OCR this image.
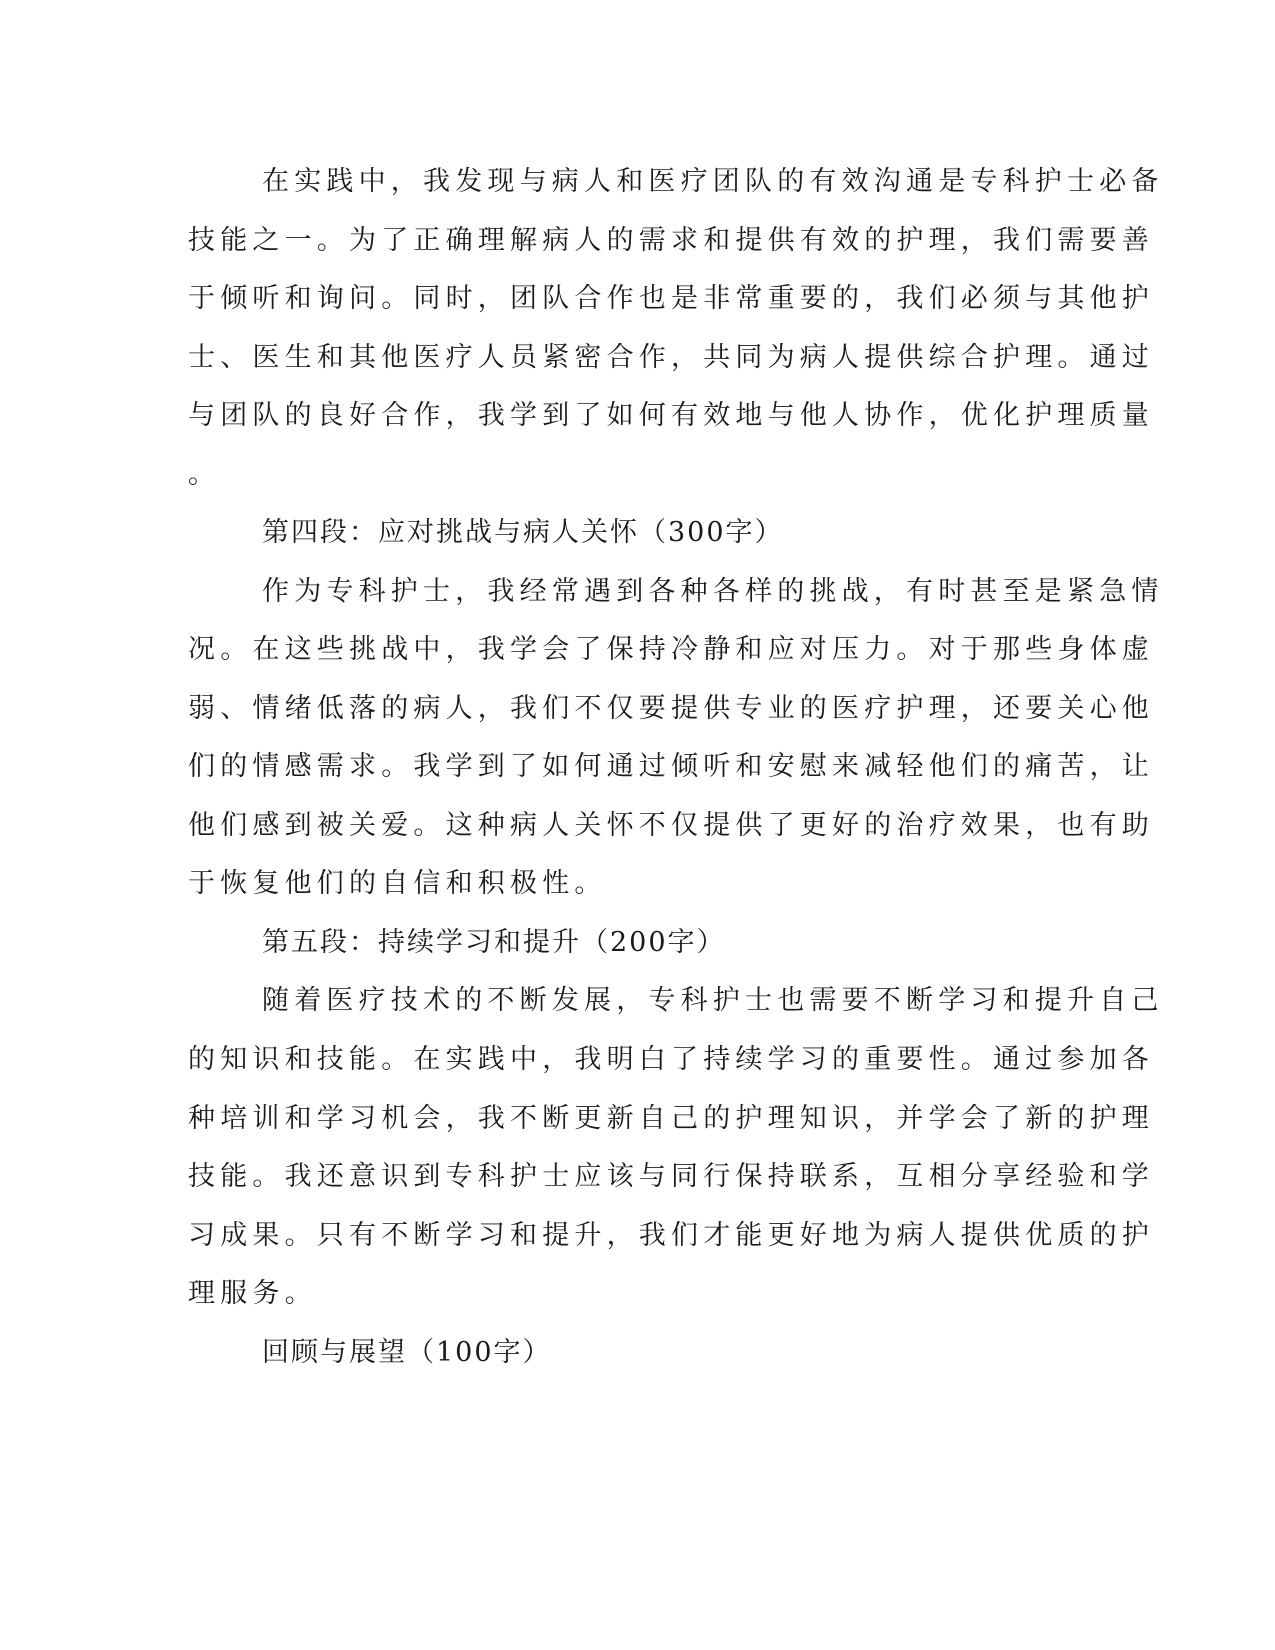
在实践中，我发现与病人和医疗团队的有效沟通是专科护士必备
技能之一。为了正确理解病人的需求和提供有效的护理，我们需要善
于倾听和询问。同时，团队合作也是非常重要的，我们必须与其他护
士、医生和其他医疗人员紧密合作，共同为病人提供综合护理。通过
与团队的良好合作，我学到了如何有效地与他人协作，优化护理质量
。
第四段：应对挑战与病人关怀（300字）
作为专科护士，我经常遇到各种各样的挑战，有时甚至是紧急情
况。在这些挑战中，我学会了保持冷静和应对压力。对于那些身体虚
弱、情绪低落的病人，我们不仅要提供专业的医疗护理，还要关心他
们的情感需求。我学到了如何通过倾听和安慰来减轻他们的痛苦，让
他们感到被关爱。这种病人关怀不仅提供了更好的治疗效果，也有助
于恢复他们的自信和积极性。
第五段：持续学习和提升（200字）
随着医疗技术的不断发展，专科护士也需要不断学习和提升自己
的知识和技能。在实践中，我明白了持续学习的重要性。通过参加各
种培训和学习机会，我不断更新自己的护理知识，并学会了新的护理
技能。我还意识到专科护士应该与同行保持联系，互相分享经验和学
习成果。只有不断学习和提升，我们才能更好地为病人提供优质的护
理服务。
回顾与展望（100字）
